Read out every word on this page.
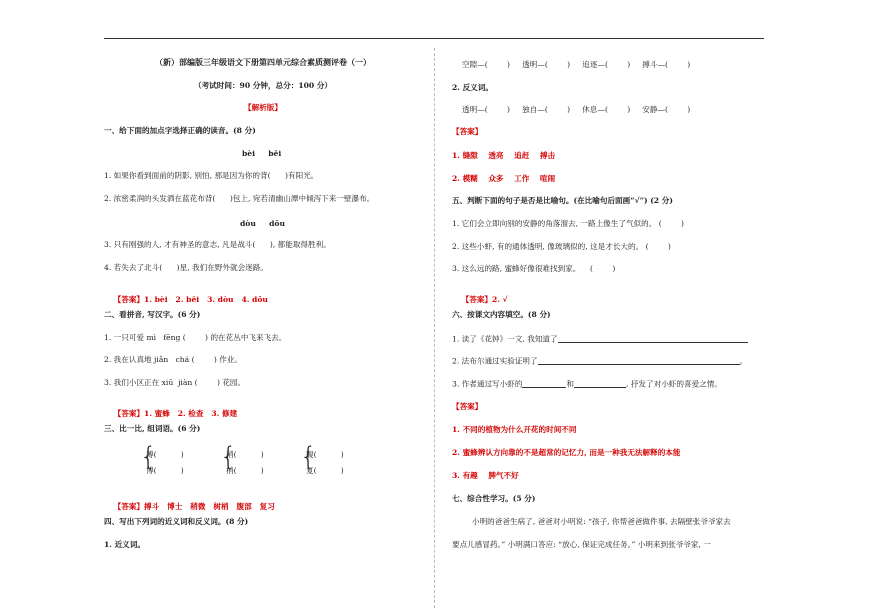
（新）部编版三年级语文下册第四单元综合素质测评卷（一）
（考试时间：90 分钟，总分：100 分）
【解析版】
一、给下面的加点字选择正确的读音。(8 分)
bèi     bēi
1. 如果你看到面前的阴影, 别怕, 那是因为你的背(      )有阳光。
2. 浓密柔润的头发洒在蓝花布背(      )包上, 宛若清幽山潭中倾泻下来一壁瀑布。
dòu     dǒu
3. 只有刚强的人, 才有神圣的意志, 凡是战斗(      ), 都能取得胜利。
4. 若失去了北斗(      )星, 我们在野外就会迷路。

【答案】1. bèi   2. bēi   3. dòu   4. dǒu

二、看拼音, 写汉字。(6 分)
1. 一只可爱 mì   fēng (        ) 的在花丛中飞来飞去。
2. 我在认真地 jiǎn   chá (        ) 作业。
3. 我们小区正在 xiū  jiàn (        ) 花园。

【答案】1. 蜜蜂   2. 检查   3. 修建

三、比一比, 组词语。(6 分)
{
搏(          )
博(          ) {
稍(          )
梢(          ) {
腹(          )
复(          )

【答案】搏斗   博士   稍微   树梢   腹部   复习

四、写出下列词的近义词和反义词。(8 分)
1. 近义词。
空隙—(        )     透明—(        )     追逐—(        )     搏斗—(        )
2. 反义词。
透明—(        )     独自—(        )     休息—(        )     安静—(        )
【答案】
1. 缝隙    透亮    追赶    搏击
2. 模糊    众多    工作    喧闹
五、判断下面的句子是否是比喻句。(在比喻句后面画“√”) (2 分)
1. 它们会立即向别的安静的角落溜去, 一路上像生了气似的。 (        )
2. 这些小虾, 有的通体透明, 像玻璃似的, 这是才长大的。 (        )
3. 这么远的路, 蜜蜂好像很难找到家。    (        )

【答案】2. √

六、按课文内容填空。(8 分)
1. 读了《花钟》一文, 我知道了
2. 法布尔通过实验证明了	。
3. 作者通过写小虾的	和	, 抒发了对小虾的喜爱之情。
【答案】
1. 不同的植物为什么开花的时间不同
2. 蜜蜂辨认方向靠的不是超常的记忆力, 而是一种我无法解释的本能
3. 有趣    脾气不好
七、综合性学习。(5 分)
小明的爸爸生病了, 爸爸对小明说: “孩子, 你帮爸爸做件事, 去隔壁张爷爷家去
要点儿感冒药。” 小明满口答应: “放心, 保证完成任务。” 小明来到张爷爷家, 一
